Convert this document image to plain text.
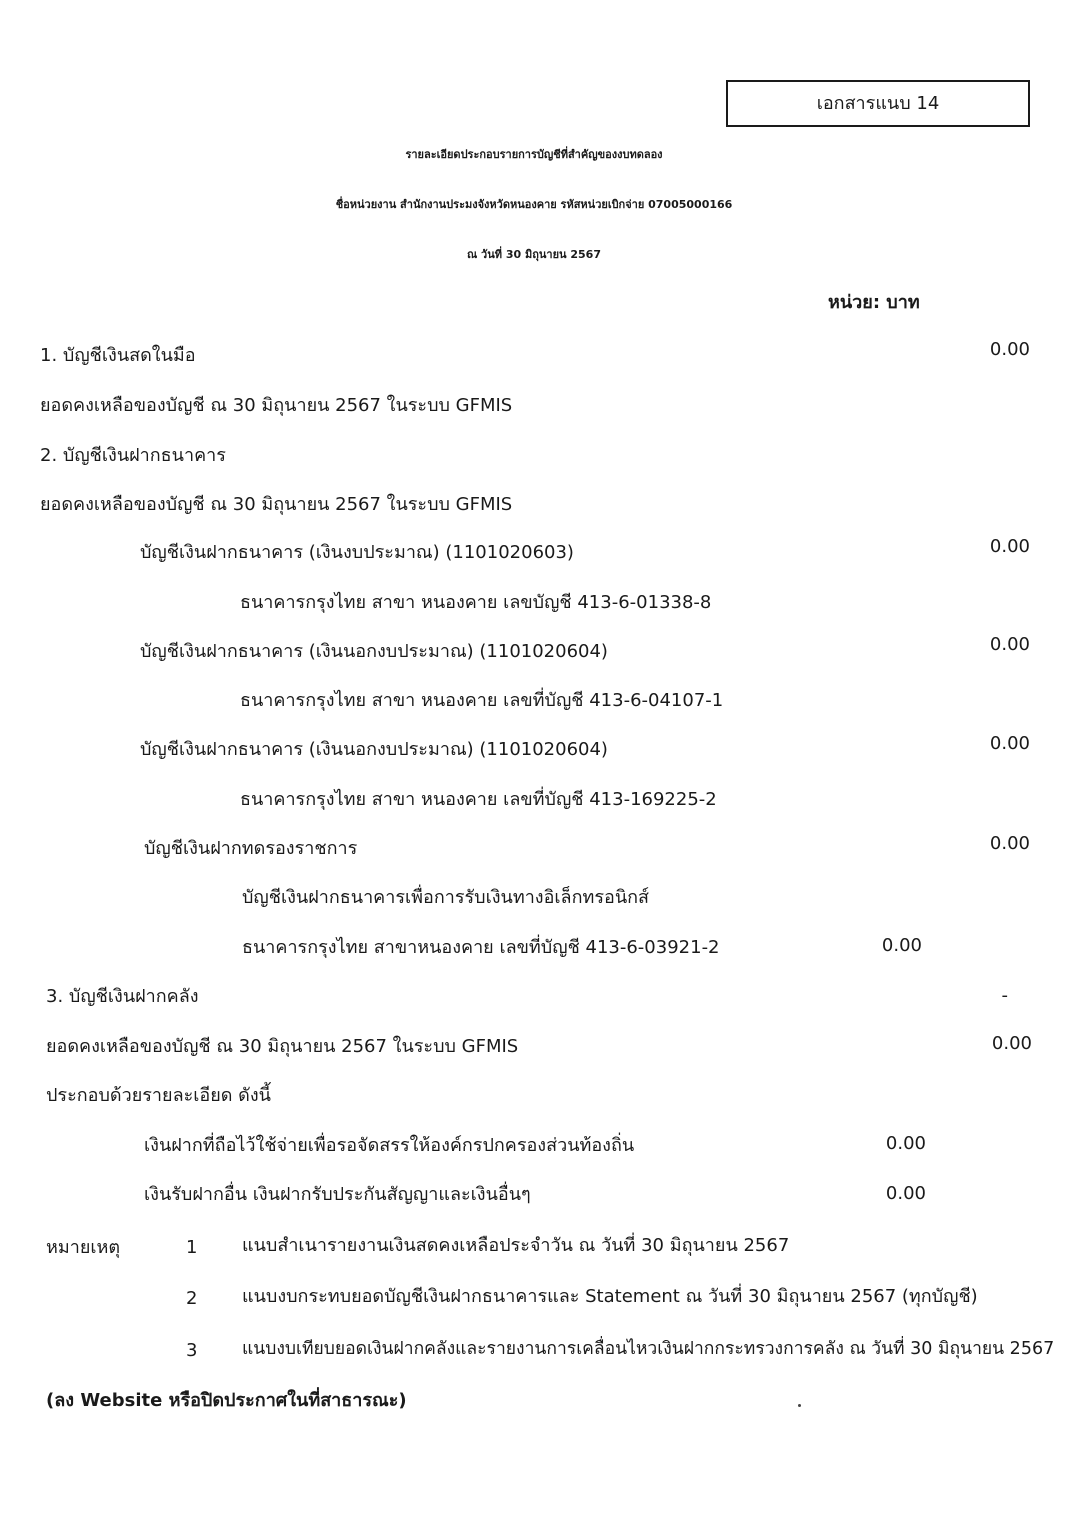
เอกสารแนบ 14
รายละเอียดประกอบรายการบัญชีที่สำคัญของงบทดลอง
ชื่อหน่วยงาน สำนักงานประมงจังหวัดหนองคาย รหัสหน่วยเบิกจ่าย 07005000166
ณ วันที่ 30 มิถุนายน 2567
หน่วย: บาท
1. บัญชีเงินสดในมือ	0.00
ยอดคงเหลือของบัญชี ณ 30 มิถุนายน 2567 ในระบบ GFMIS
2. บัญชีเงินฝากธนาคาร
ยอดคงเหลือของบัญชี ณ 30 มิถุนายน 2567 ในระบบ GFMIS
บัญชีเงินฝากธนาคาร (เงินงบประมาณ) (1101020603)	0.00
ธนาคารกรุงไทย สาขา หนองคาย เลขบัญชี 413-6-01338-8
บัญชีเงินฝากธนาคาร (เงินนอกงบประมาณ) (1101020604)	0.00
ธนาคารกรุงไทย สาขา หนองคาย เลขที่บัญชี 413-6-04107-1
บัญชีเงินฝากธนาคาร (เงินนอกงบประมาณ) (1101020604)	0.00
ธนาคารกรุงไทย สาขา หนองคาย เลขที่บัญชี 413-169225-2
บัญชีเงินฝากทดรองราชการ	0.00
บัญชีเงินฝากธนาคารเพื่อการรับเงินทางอิเล็กทรอนิกส์
ธนาคารกรุงไทย สาขาหนองคาย เลขที่บัญชี 413-6-03921-2	0.00
3. บัญชีเงินฝากคลัง	-
ยอดคงเหลือของบัญชี ณ 30 มิถุนายน 2567 ในระบบ GFMIS	0.00
ประกอบด้วยรายละเอียด ดังนี้
เงินฝากที่ถือไว้ใช้จ่ายเพื่อรอจัดสรรให้องค์กรปกครองส่วนท้องถิ่น	0.00
เงินรับฝากอื่น เงินฝากรับประกันสัญญาและเงินอื่นๆ	0.00
หมายเหตุ	1 แนบสำเนารายงานเงินสดคงเหลือประจำวัน ณ วันที่ 30 มิถุนายน 2567
2 แนบงบกระทบยอดบัญชีเงินฝากธนาคารและ Statement ณ วันที่ 30 มิถุนายน 2567 (ทุกบัญชี)
3	แนบงบเทียบยอดเงินฝากคลังและรายงานการเคลื่อนไหวเงินฝากกระทรวงการคลัง ณ วันที่ 30 มิถุนายน 2567
(ลง Website หรือปิดประกาศในที่สาธารณะ)
